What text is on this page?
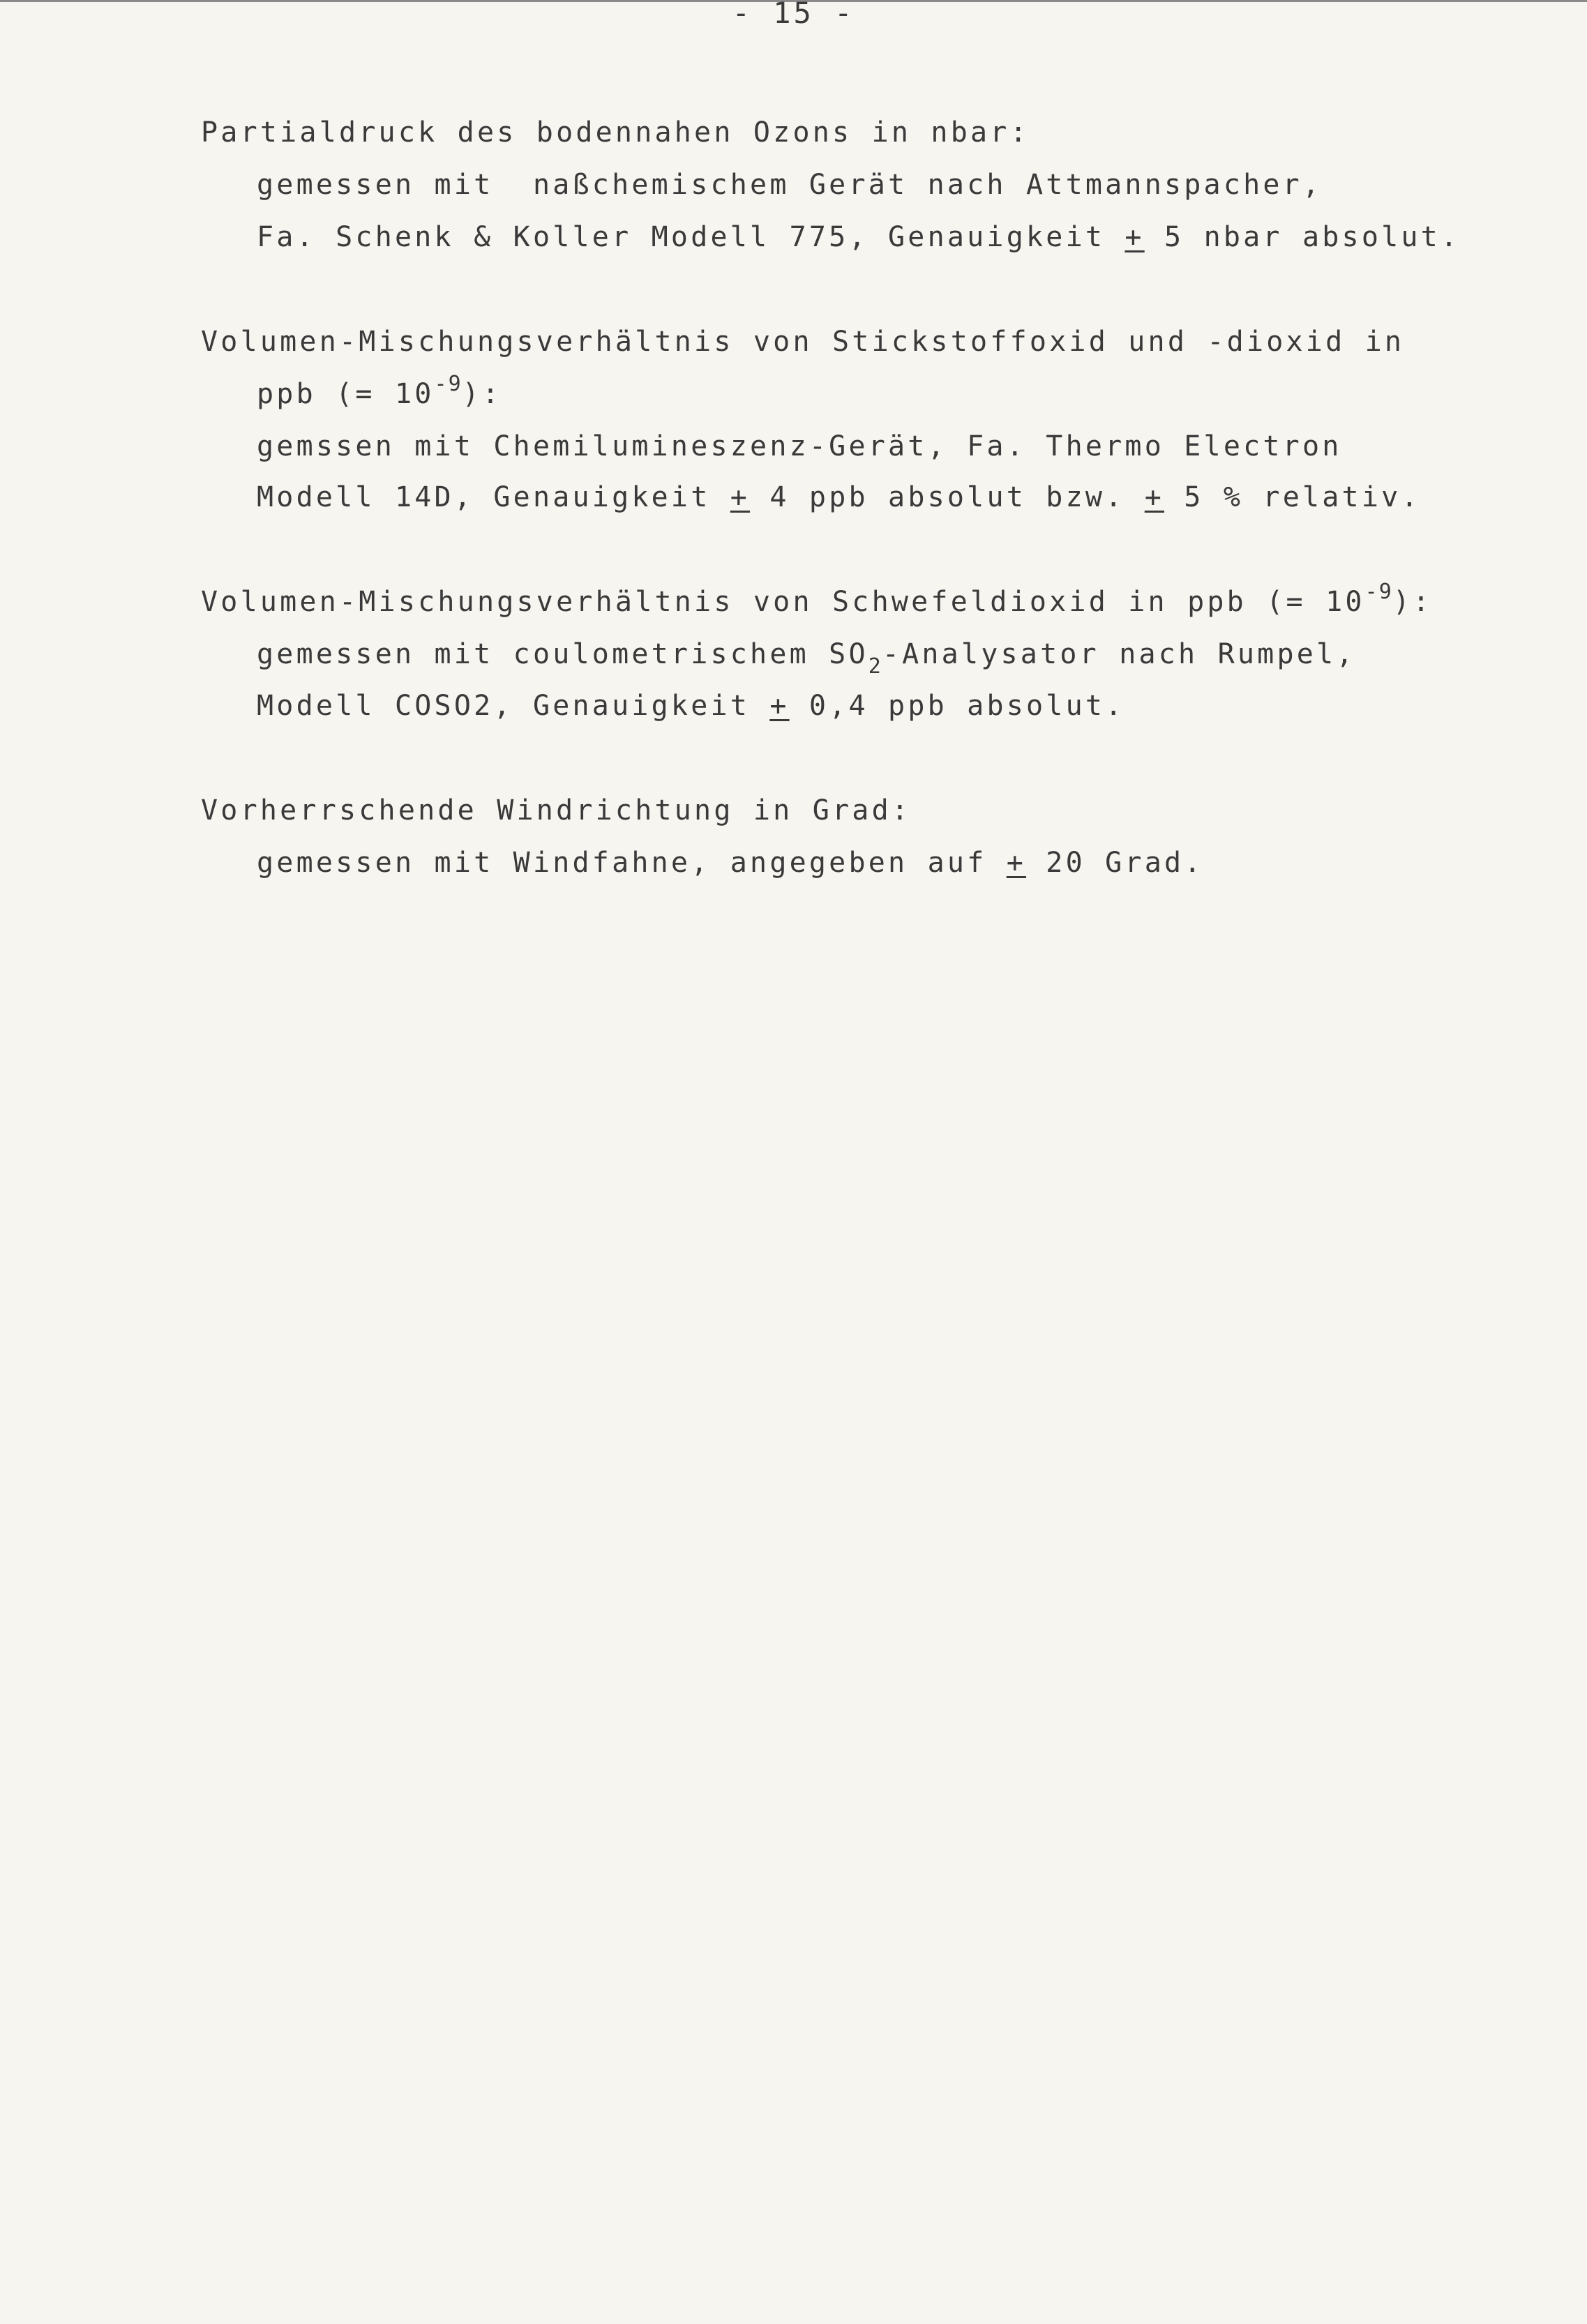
- 15 -
Partialdruck des bodennahen Ozons in nbar:
gemessen mit  naßchemischem Gerät nach Attmannspacher,
Fa. Schenk & Koller Modell 775, Genauigkeit + 5 nbar absolut.
Volumen-Mischungsverhältnis von Stickstoffoxid und -dioxid in
ppb (= $10^{-9}$):
gemssen mit Chemilumineszenz-Gerät, Fa. Thermo Electron
Modell 14D, Genauigkeit + 4 ppb absolut bzw. + 5 % relativ.
Volumen-Mischungsverhältnis von Schwefeldioxid in ppb (= $10^{-9}$):
gemessen mit coulometrischem $SO_2$-Analysator nach Rumpel,
Modell COSO2, Genauigkeit + 0,4 ppb absolut.
Vorherrschende Windrichtung in Grad:
gemessen mit Windfahne, angegeben auf + 20 Grad.
